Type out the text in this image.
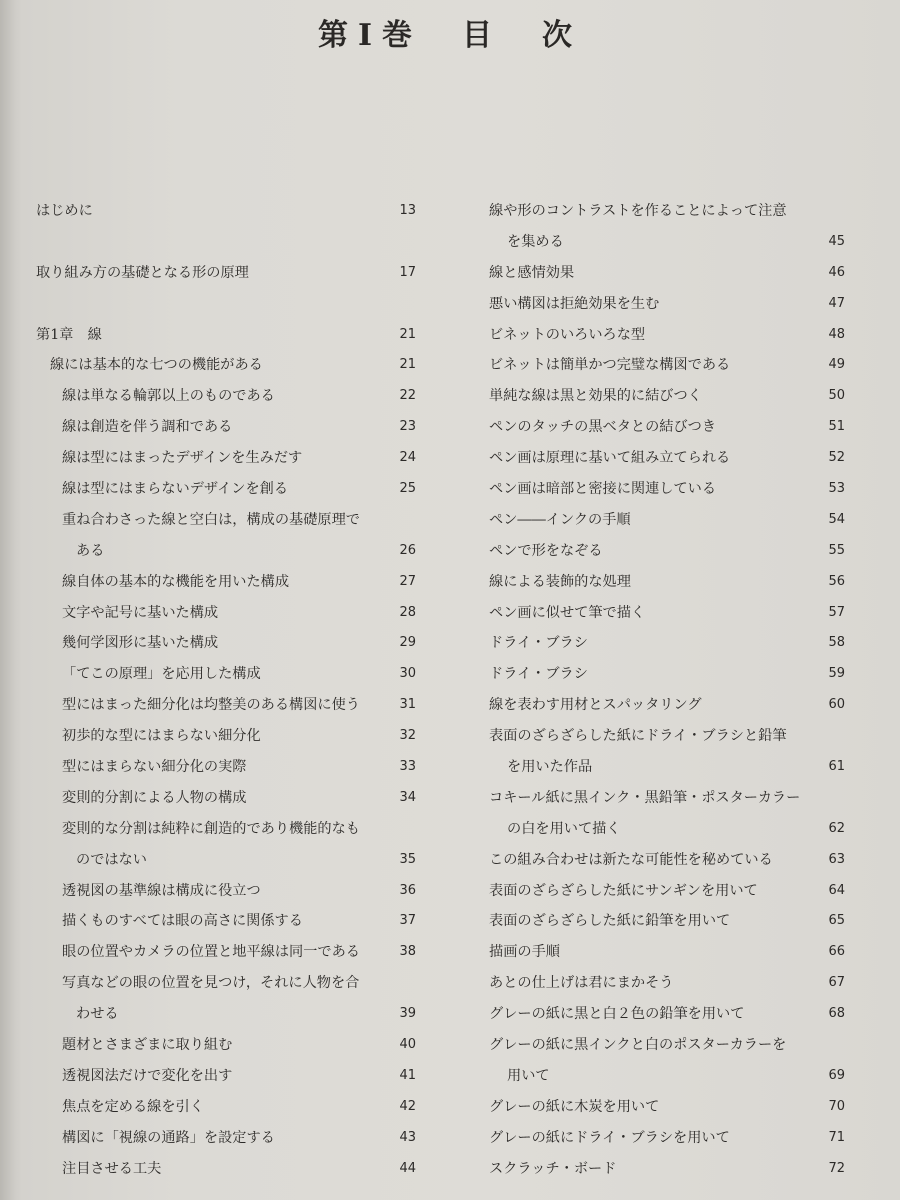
第Ⅰ巻　目　次
はじめに	13
取り組み方の基礎となる形の原理	17
第1章　線	21
線には基本的な七つの機能がある	21
線は単なる輪郭以上のものである	22
線は創造を伴う調和である	23
線は型にはまったデザインを生みだす	24
線は型にはまらないデザインを創る	25
重ね合わさった線と空白は，構成の基礎原理で
ある	26
線自体の基本的な機能を用いた構成	27
文字や記号に基いた構成	28
幾何学図形に基いた構成	29
「てこの原理」を応用した構成	30
型にはまった細分化は均整美のある構図に使う	31
初歩的な型にはまらない細分化	32
型にはまらない細分化の実際	33
変則的分割による人物の構成	34
変則的な分割は純粋に創造的であり機能的なも
のではない	35
透視図の基準線は構成に役立つ	36
描くものすべては眼の高さに関係する	37
眼の位置やカメラの位置と地平線は同一である	38
写真などの眼の位置を見つけ，それに人物を合
わせる	39
題材とさまざまに取り組む	40
透視図法だけで変化を出す	41
焦点を定める線を引く	42
構図に「視線の通路」を設定する	43
注目させる工夫	44
線や形のコントラストを作ることによって注意
を集める	45
線と感情効果	46
悪い構図は拒絶効果を生む	47
ビネットのいろいろな型	48
ビネットは簡単かつ完璧な構図である	49
単純な線は黒と効果的に結びつく	50
ペンのタッチの黒ベタとの結びつき	51
ペン画は原理に基いて組み立てられる	52
ペン画は暗部と密接に関連している	53
ペン――インクの手順	54
ペンで形をなぞる	55
線による装飾的な処理	56
ペン画に似せて筆で描く	57
ドライ・ブラシ	58
ドライ・ブラシ	59
線を表わす用材とスパッタリング	60
表面のざらざらした紙にドライ・ブラシと鉛筆
を用いた作品	61
コキール紙に黒インク・黒鉛筆・ポスターカラー
の白を用いて描く	62
この組み合わせは新たな可能性を秘めている	63
表面のざらざらした紙にサンギンを用いて	64
表面のざらざらした紙に鉛筆を用いて	65
描画の手順	66
あとの仕上げは君にまかそう	67
グレーの紙に黒と白２色の鉛筆を用いて	68
グレーの紙に黒インクと白のポスターカラーを
用いて	69
グレーの紙に木炭を用いて	70
グレーの紙にドライ・ブラシを用いて	71
スクラッチ・ボード	72
